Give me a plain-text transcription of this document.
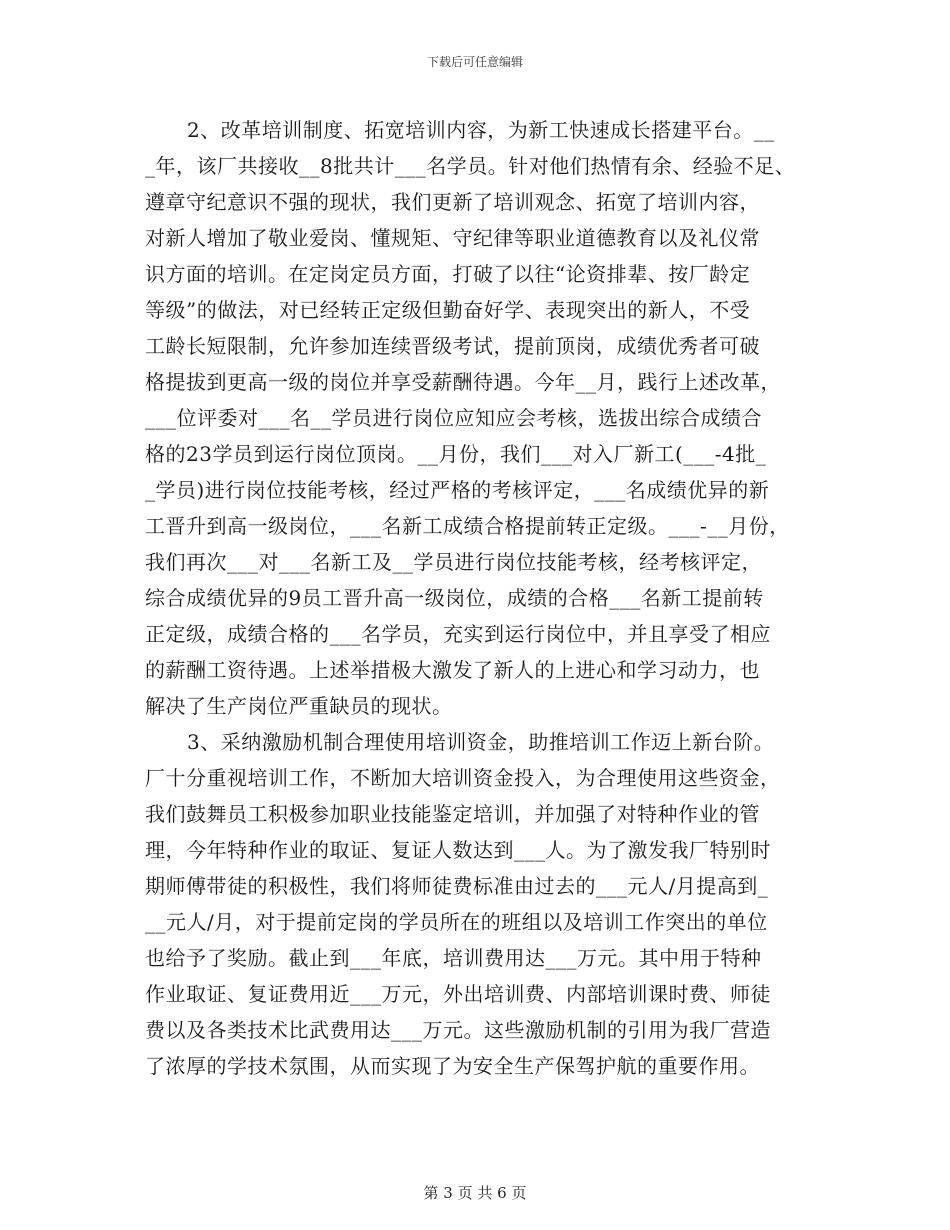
下载后可任意编辑
2、改革培训制度、拓宽培训内容，为新工快速成长搭建平台。__
_年，该厂共接收__8批共计___名学员。针对他们热情有余、经验不足、
遵章守纪意识不强的现状，我们更新了培训观念、拓宽了培训内容，
对新人增加了敬业爱岗、懂规矩、守纪律等职业道德教育以及礼仪常
识方面的培训。在定岗定员方面，打破了以往“论资排辈、按厂龄定
等级”的做法，对已经转正定级但勤奋好学、表现突出的新人，不受
工龄长短限制，允许参加连续晋级考试，提前顶岗，成绩优秀者可破
格提拔到更高一级的岗位并享受薪酬待遇。今年__月，践行上述改革，
___位评委对___名__学员进行岗位应知应会考核，选拔出综合成绩合
格的23学员到运行岗位顶岗。__月份，我们___对入厂新工(___-4批_
_学员)进行岗位技能考核，经过严格的考核评定，___名成绩优异的新
工晋升到高一级岗位，___名新工成绩合格提前转正定级。___-__月份，
我们再次___对___名新工及__学员进行岗位技能考核，经考核评定，
综合成绩优异的9员工晋升高一级岗位，成绩的合格___名新工提前转
正定级，成绩合格的___名学员，充实到运行岗位中，并且享受了相应
的薪酬工资待遇。上述举措极大激发了新人的上进心和学习动力，也
解决了生产岗位严重缺员的现状。
3、采纳激励机制合理使用培训资金，助推培训工作迈上新台阶。
厂十分重视培训工作，不断加大培训资金投入，为合理使用这些资金，
我们鼓舞员工积极参加职业技能鉴定培训，并加强了对特种作业的管
理，今年特种作业的取证、复证人数达到___人。为了激发我厂特别时
期师傅带徒的积极性，我们将师徒费标准由过去的___元人/月提高到_
__元人/月，对于提前定岗的学员所在的班组以及培训工作突出的单位
也给予了奖励。截止到___年底，培训费用达___万元。其中用于特种
作业取证、复证费用近___万元，外出培训费、内部培训课时费、师徒
费以及各类技术比武费用达___万元。这些激励机制的引用为我厂营造
了浓厚的学技术氛围，从而实现了为安全生产保驾护航的重要作用。
第 3 页 共 6 页
